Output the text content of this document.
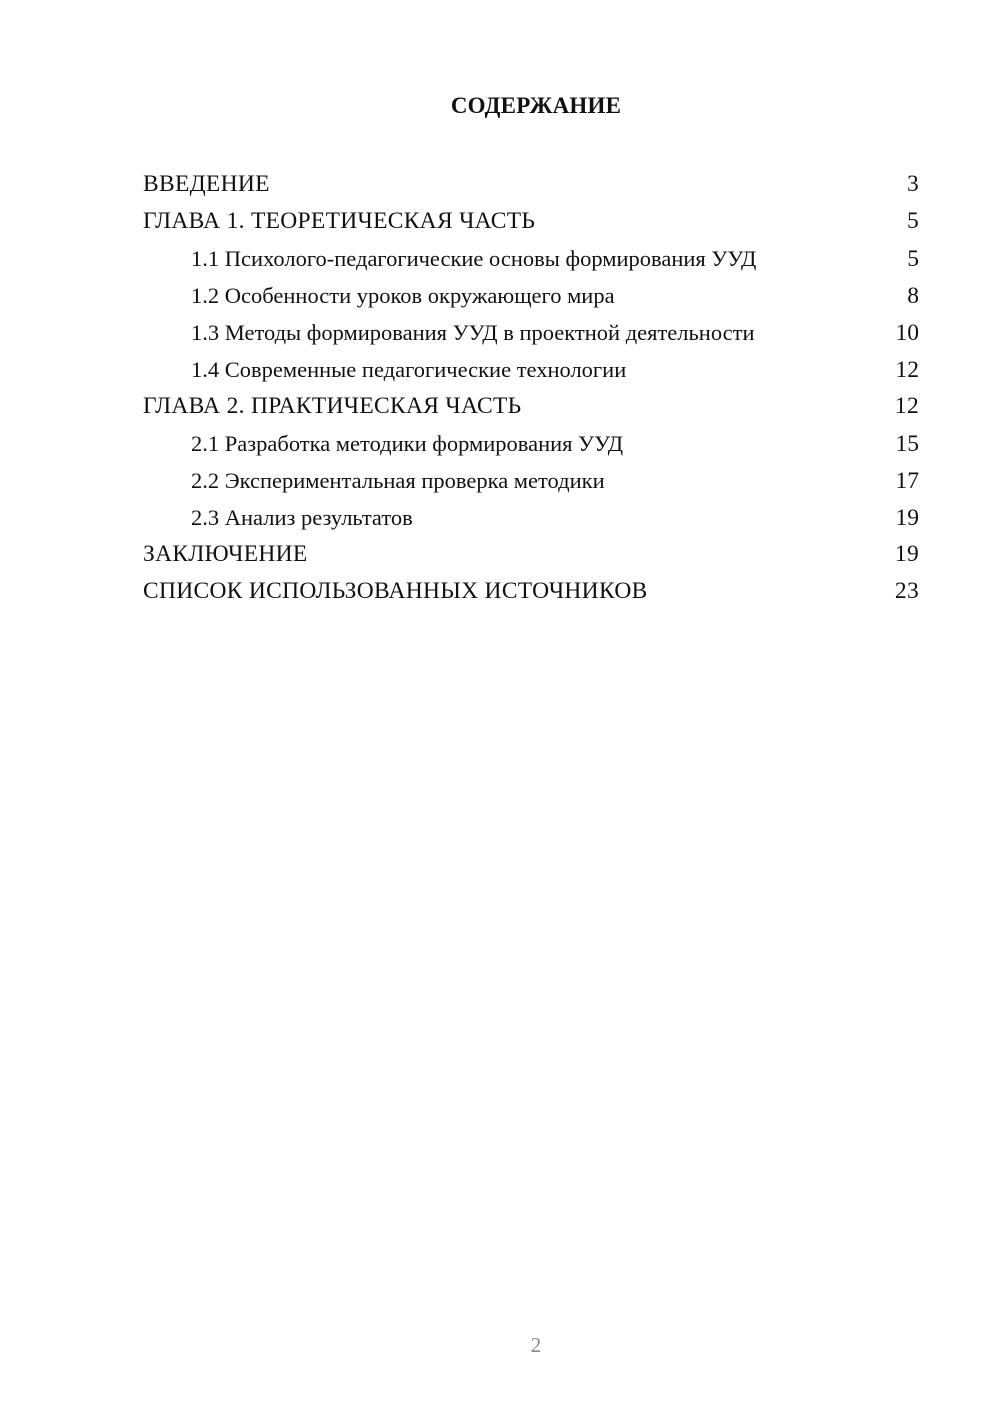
СОДЕРЖАНИЕ
ВВЕДЕНИЕ	3
ГЛАВА 1. ТЕОРЕТИЧЕСКАЯ ЧАСТЬ	5
1.1 Психолого-педагогические основы формирования УУД	5
1.2 Особенности уроков окружающего мира	8
1.3 Методы формирования УУД в проектной деятельности	10
1.4 Современные педагогические технологии	12
ГЛАВА 2. ПРАКТИЧЕСКАЯ ЧАСТЬ	12
2.1 Разработка методики формирования УУД	15
2.2 Экспериментальная проверка методики	17
2.3 Анализ результатов	19
ЗАКЛЮЧЕНИЕ	19
СПИСОК ИСПОЛЬЗОВАННЫХ ИСТОЧНИКОВ	23
2
